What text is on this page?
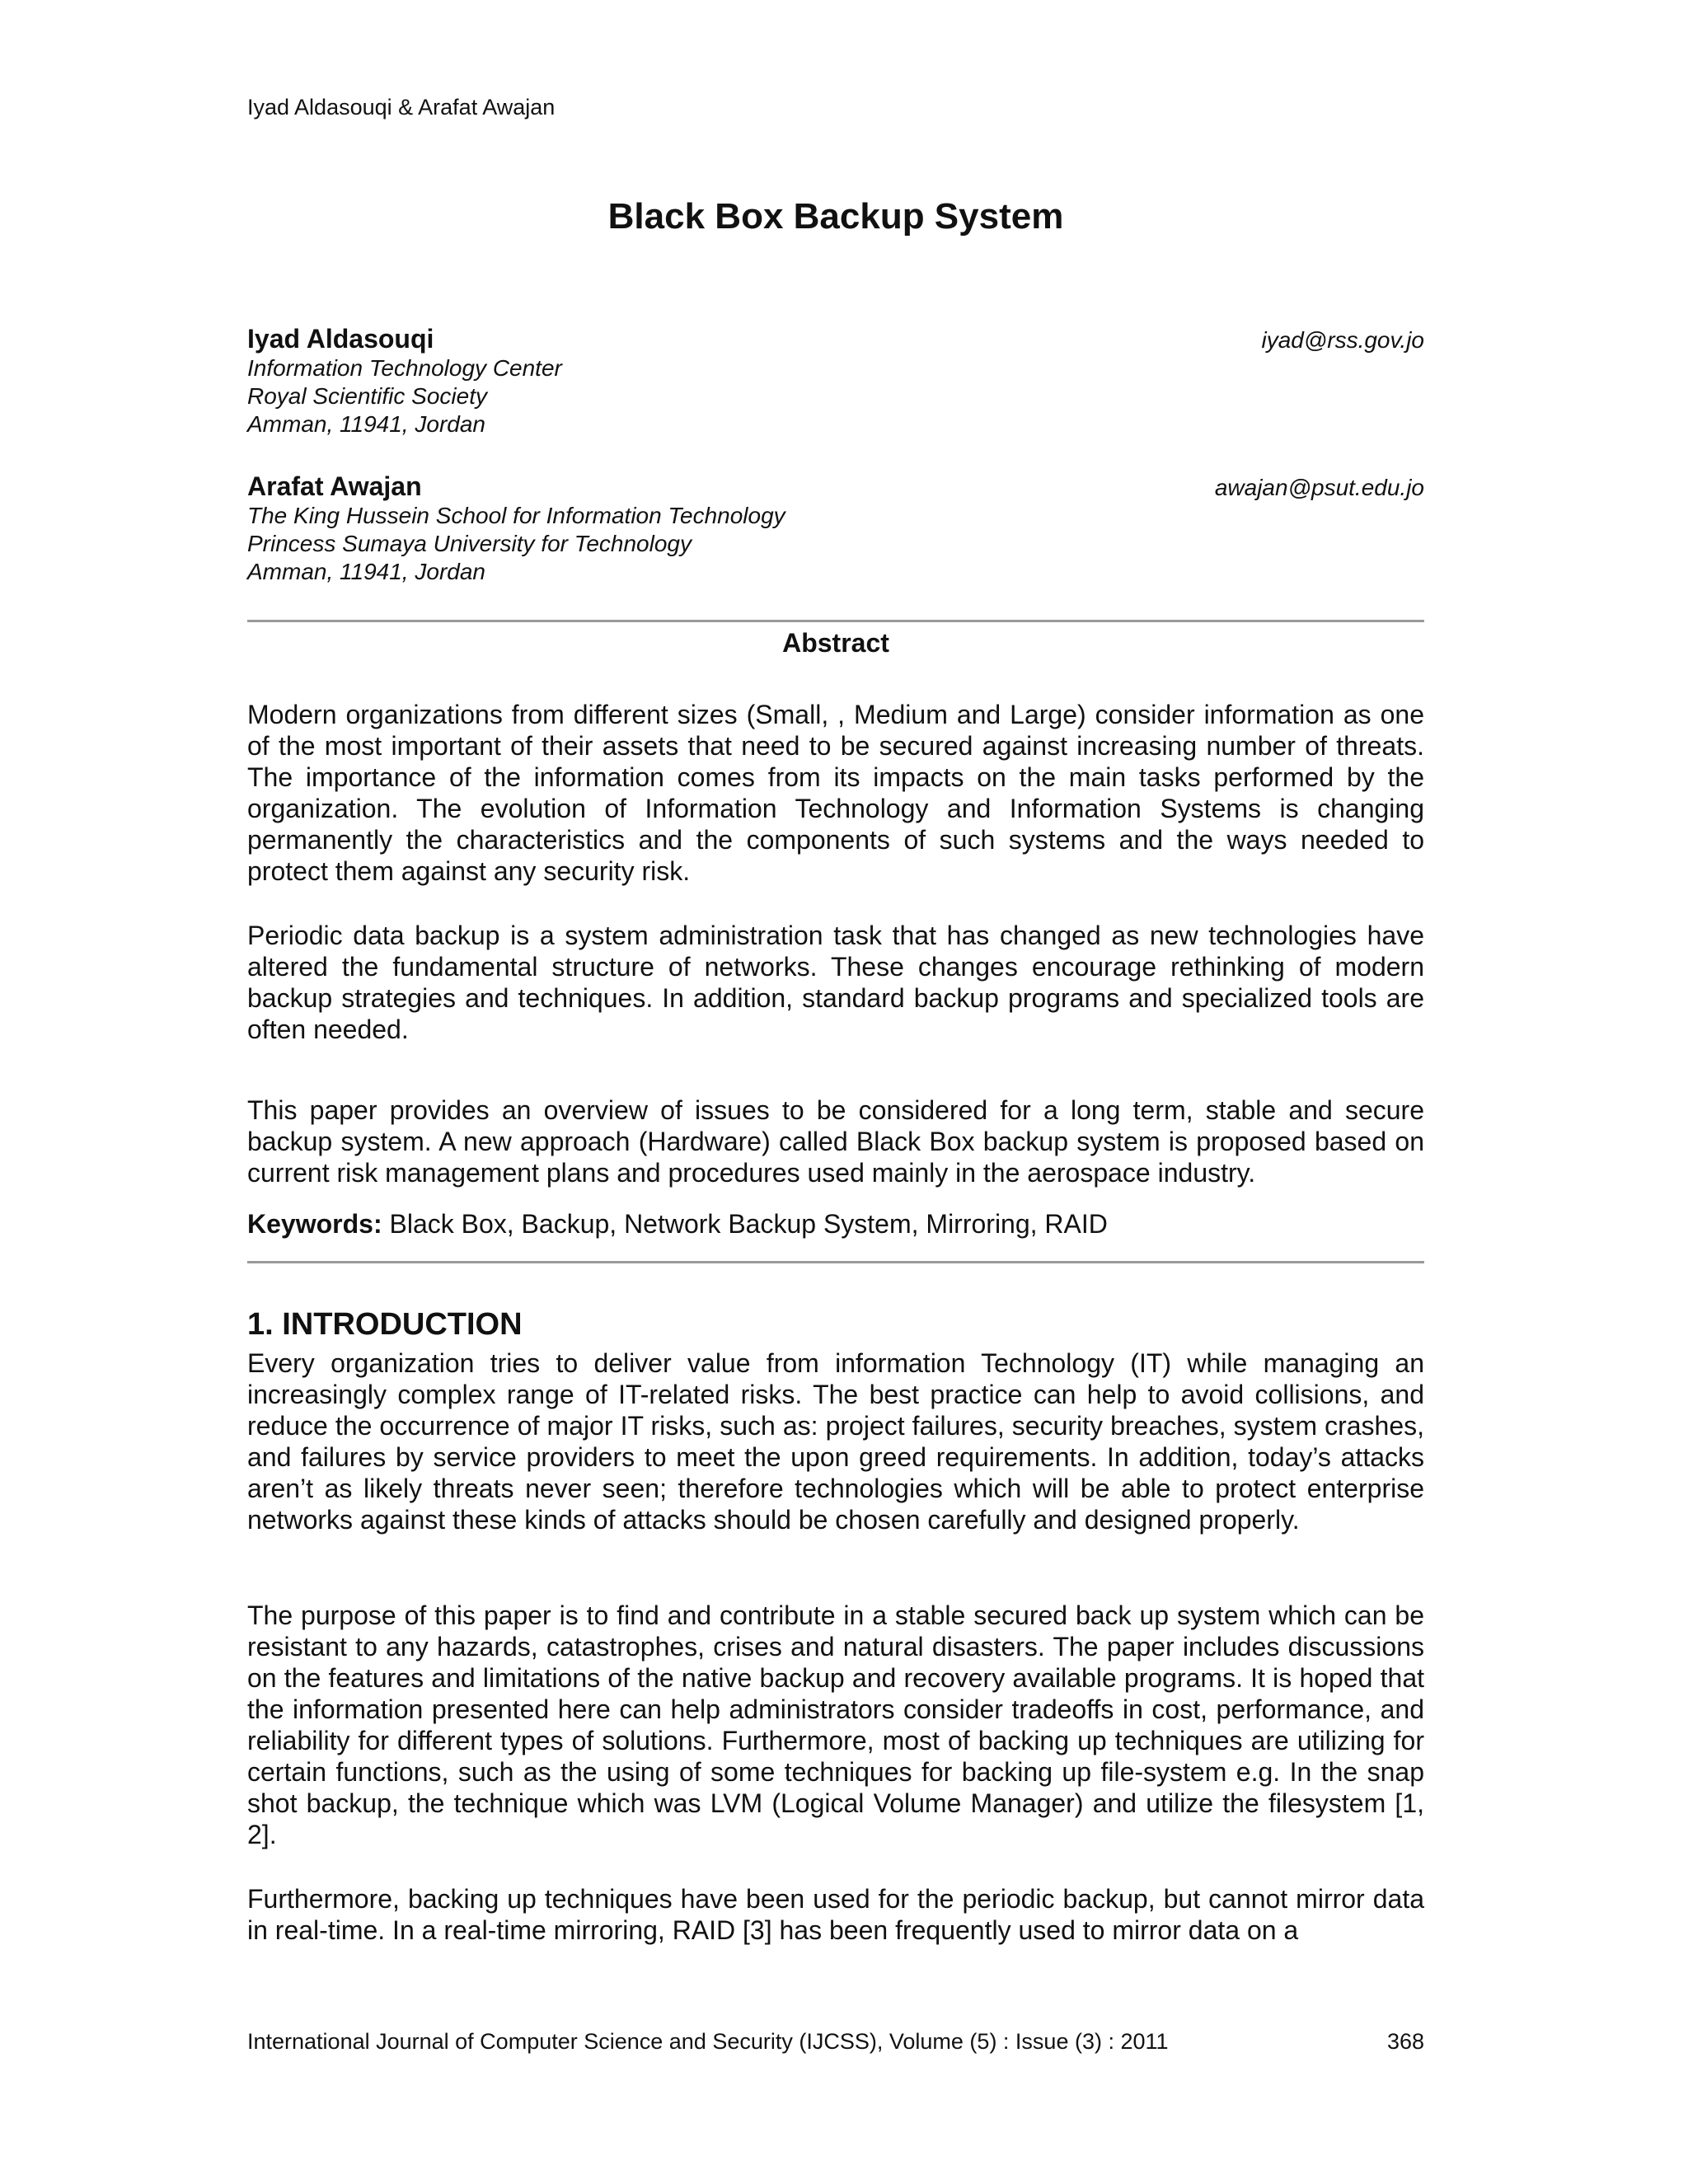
Iyad Aldasouqi & Arafat Awajan
Black Box Backup System
Iyad Aldasouqi	iyad@rss.gov.jo
Information Technology Center
Royal Scientific Society
Amman, 11941, Jordan
Arafat Awajan	awajan@psut.edu.jo
The King Hussein School for Information Technology
Princess Sumaya University for Technology
Amman, 11941, Jordan
Abstract
Modern organizations from different sizes (Small, , Medium and Large) consider information as one of the most important of their assets that need to be secured against increasing number of threats. The importance of the information comes from its impacts on the main tasks performed by the organization. The evolution of Information Technology and Information Systems is changing permanently the characteristics and the components of such systems and the ways needed to protect them against any security risk.
Periodic data backup is a system administration task that has changed as new technologies have altered the fundamental structure of networks. These changes encourage rethinking of modern backup strategies and techniques. In addition, standard backup programs and specialized tools are often needed.
This paper provides an overview of issues to be considered for a long term, stable and secure backup system. A new approach (Hardware) called Black Box backup system is proposed based on current risk management plans and procedures used mainly in the aerospace industry.
Keywords: Black Box, Backup, Network Backup System, Mirroring, RAID
1. INTRODUCTION
Every organization tries to deliver value from information Technology (IT) while managing an increasingly complex range of IT-related risks. The best practice can help to avoid collisions, and reduce the occurrence of major IT risks, such as: project failures, security breaches, system crashes, and failures by service providers to meet the upon greed requirements. In addition, today’s attacks aren’t as likely threats never seen; therefore technologies which will be able to protect enterprise networks against these kinds of attacks should be chosen carefully and designed properly.
The purpose of this paper is to find and contribute in a stable secured back up system which can be resistant to any hazards, catastrophes, crises and natural disasters. The paper includes discussions on the features and limitations of the native backup and recovery available programs. It is hoped that the information presented here can help administrators consider tradeoffs in cost, performance, and reliability for different types of solutions. Furthermore, most of backing up techniques are utilizing for certain functions, such as the using of some techniques for backing up file-system e.g. In the snap shot backup, the technique which was LVM (Logical Volume Manager) and utilize the filesystem [1, 2].
Furthermore, backing up techniques have been used for the periodic backup, but cannot mirror data in real-time. In a real-time mirroring, RAID [3] has been frequently used to mirror data on a
International Journal of Computer Science and Security (IJCSS), Volume (5) : Issue (3) : 2011	368
